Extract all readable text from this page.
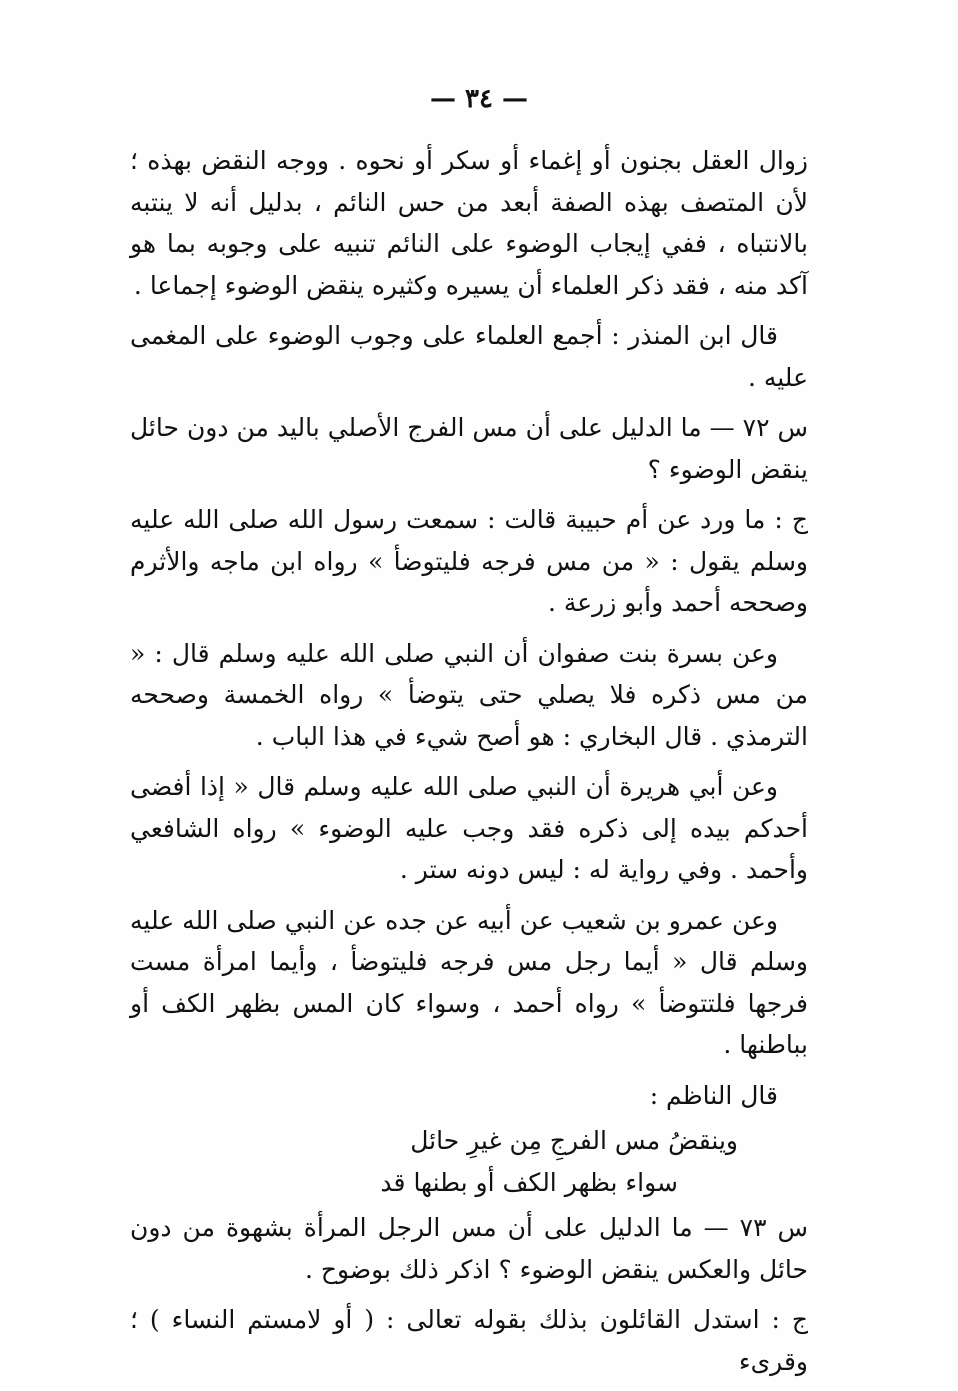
— ٣٤ —

زوال العقل بجنون أو إغماء أو سكر أو نحوه . ووجه النقض بهذه ؛ لأن المتصف بهذه الصفة أبعد من حس النائم ، بدليل أنه لا ينتبه بالانتباه ، ففي إيجاب الوضوء على النائم تنبيه على وجوبه بما هو آكد منه ، فقد ذكر العلماء أن يسيره وكثيره ينقض الوضوء إجماعا .

قال ابن المنذر : أجمع العلماء على وجوب الوضوء على المغمى عليه .

س ٧٢ — ما الدليل على أن مس الفرج الأصلي باليد من دون حائل ينقض الوضوء ؟

ج : ما ورد عن أم حبيبة قالت : سمعت رسول الله صلى الله عليه وسلم يقول : « من مس فرجه فليتوضأ » رواه ابن ماجه والأثرم وصححه أحمد وأبو زرعة .

وعن بسرة بنت صفوان أن النبي صلى الله عليه وسلم قال : « من مس ذكره فلا يصلي حتى يتوضأ » رواه الخمسة وصححه الترمذي . قال البخاري : هو أصح شيء في هذا الباب .

وعن أبي هريرة أن النبي صلى الله عليه وسلم قال « إذا أفضى أحدكم بيده إلى ذكره فقد وجب عليه الوضوء » رواه الشافعي وأحمد . وفي رواية له : ليس دونه ستر .

وعن عمرو بن شعيب عن أبيه عن جده عن النبي صلى الله عليه وسلم قال « أيما رجل مس فرجه فليتوضأ ، وأيما امرأة مست فرجها فلتتوضأ » رواه أحمد ، وسواء كان المس بظهر الكف أو بباطنها .

قال الناظم :

وينقضُ مس الفرجِ مِن غيرِ حائل

سواء بظهر الكف أو بطنها قد

س ٧٣ — ما الدليل على أن مس الرجل المرأة بشهوة من دون حائل والعكس ينقض الوضوء ؟ اذكر ذلك بوضوح .

ج : استدل القائلون بذلك بقوله تعالى : ( أو لامستم النساء ) ؛ وقرىء
